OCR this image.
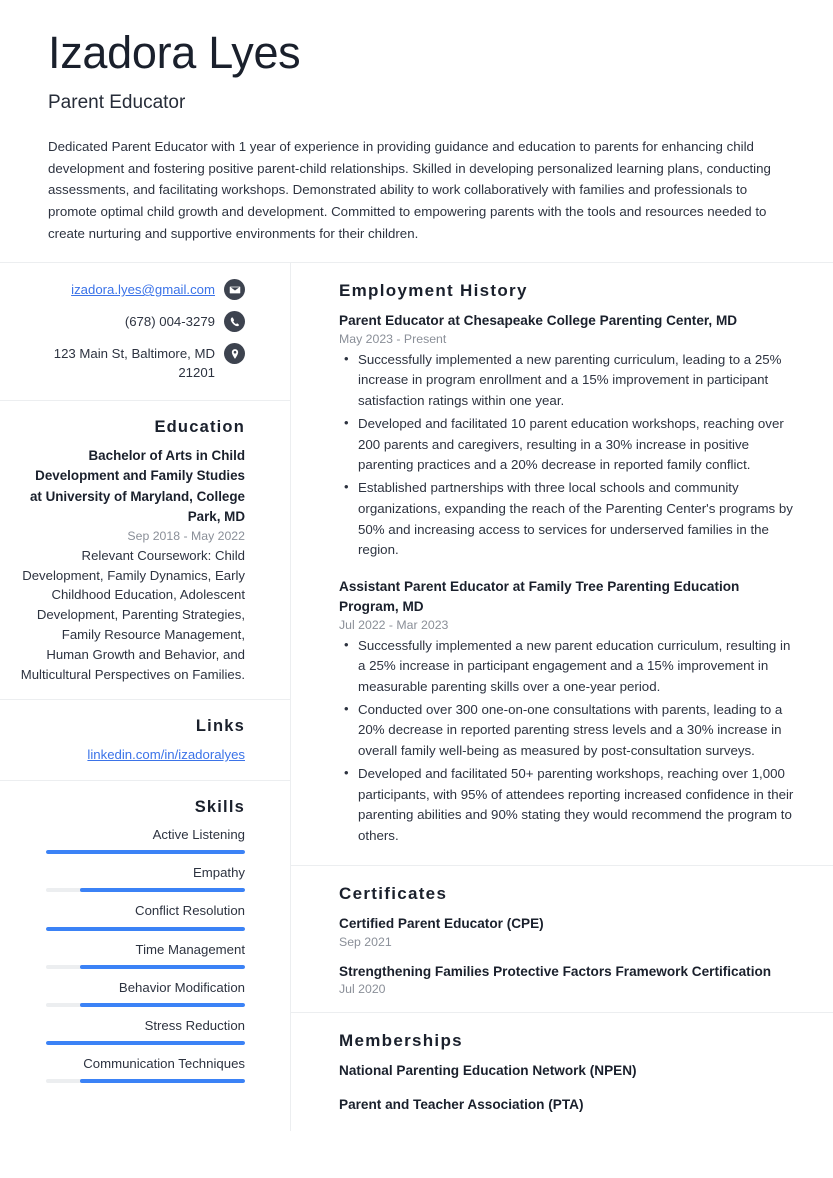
Izadora Lyes
Parent Educator

Dedicated Parent Educator with 1 year of experience in providing guidance and education to parents for enhancing child development and fostering positive parent-child relationships. Skilled in developing personalized learning plans, conducting assessments, and facilitating workshops. Demonstrated ability to work collaboratively with families and professionals to promote optimal child growth and development. Committed to empowering parents with the tools and resources needed to create nurturing and supportive environments for their children.

izadora.lyes@gmail.com
(678) 004-3279
123 Main St, Baltimore, MD 21201
Education
Bachelor of Arts in Child Development and Family Studies at University of Maryland, College Park, MD
Sep 2018 - May 2022
Relevant Coursework: Child Development, Family Dynamics, Early Childhood Education, Adolescent Development, Parenting Strategies, Family Resource Management, Human Growth and Behavior, and Multicultural Perspectives on Families.
Links
linkedin.com/in/izadoralyes
Skills
Active Listening
Empathy
Conflict Resolution
Time Management
Behavior Modification
Stress Reduction
Communication Techniques
Employment History
Parent Educator at Chesapeake College Parenting Center, MD
May 2023 - Present
• Successfully implemented a new parenting curriculum, leading to a 25% increase in program enrollment and a 15% improvement in participant satisfaction ratings within one year.
• Developed and facilitated 10 parent education workshops, reaching over 200 parents and caregivers, resulting in a 30% increase in positive parenting practices and a 20% decrease in reported family conflict.
• Established partnerships with three local schools and community organizations, expanding the reach of the Parenting Center's programs by 50% and increasing access to services for underserved families in the region.
Assistant Parent Educator at Family Tree Parenting Education Program, MD
Jul 2022 - Mar 2023
• Successfully implemented a new parent education curriculum, resulting in a 25% increase in participant engagement and a 15% improvement in measurable parenting skills over a one-year period.
• Conducted over 300 one-on-one consultations with parents, leading to a 20% decrease in reported parenting stress levels and a 30% increase in overall family well-being as measured by post-consultation surveys.
• Developed and facilitated 50+ parenting workshops, reaching over 1,000 participants, with 95% of attendees reporting increased confidence in their parenting abilities and 90% stating they would recommend the program to others.
Certificates
Certified Parent Educator (CPE)
Sep 2021
Strengthening Families Protective Factors Framework Certification
Jul 2020
Memberships
National Parenting Education Network (NPEN)
Parent and Teacher Association (PTA)
